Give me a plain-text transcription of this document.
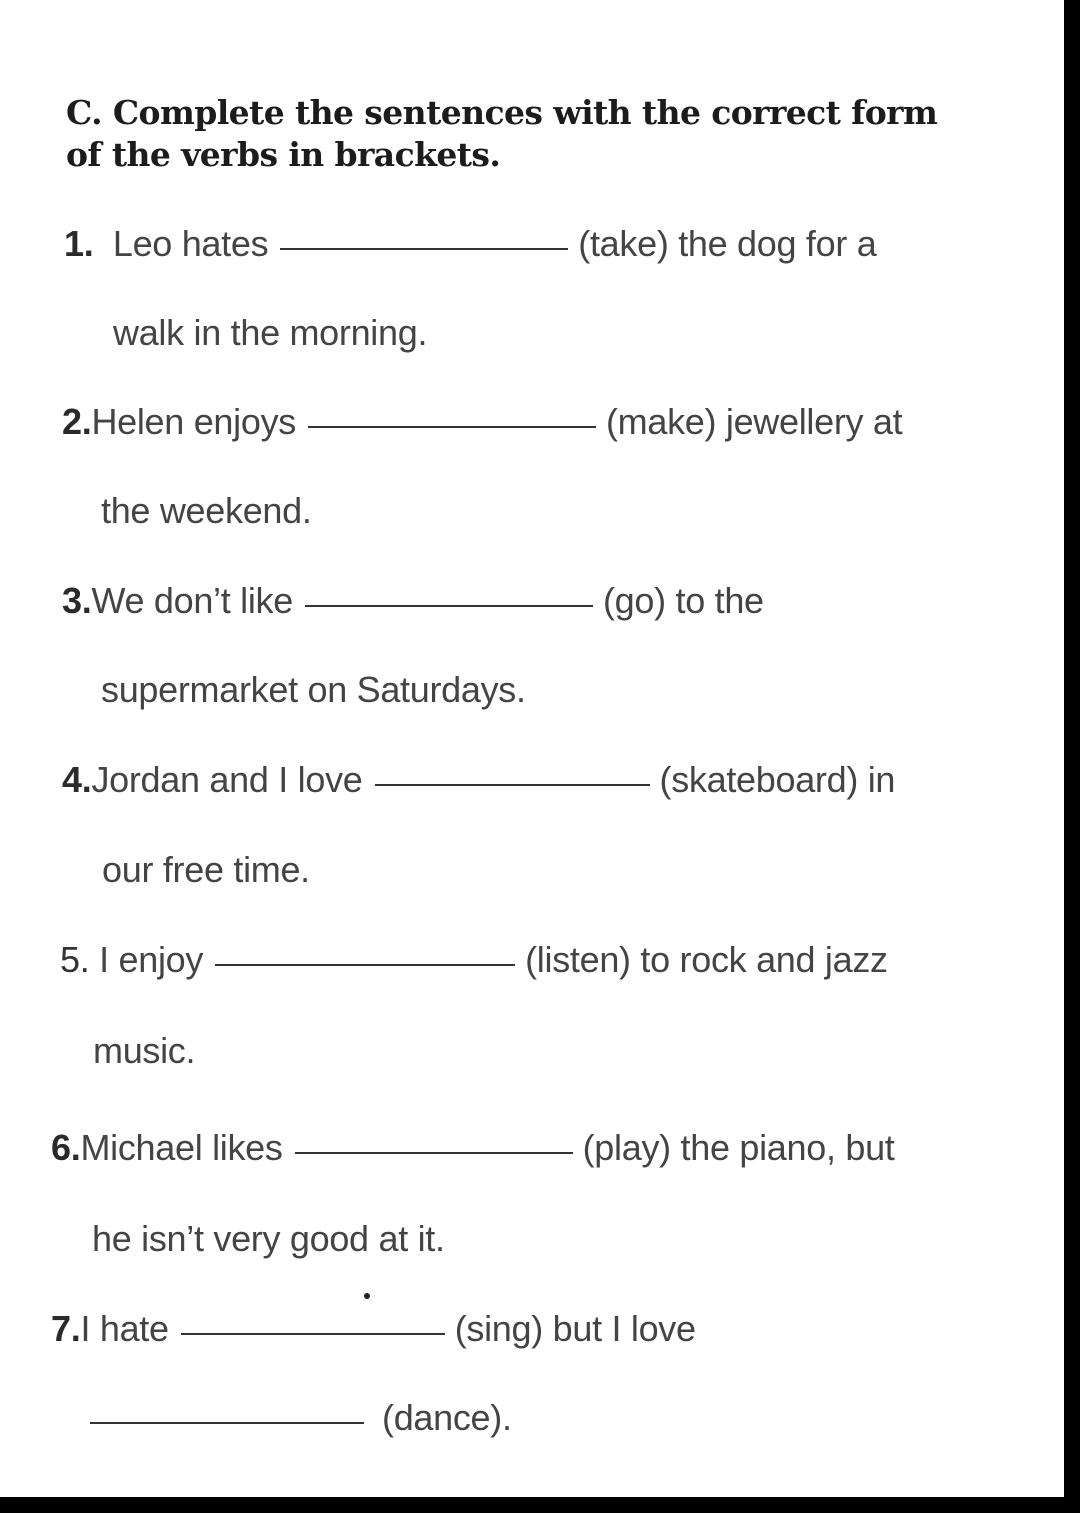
C. Complete the sentences with the correct form of the verbs in brackets.
1. Leo hates	(take) the dog for a
walk in the morning.
2.Helen enjoys	(make) jewellery at
the weekend.
3.We don’t like	(go) to the
supermarket on Saturdays.
4.Jordan and I love	(skateboard) in
our free time.
5. I enjoy	(listen) to rock and jazz
music.
6.Michael likes	(play) the piano, but
he isn’t very good at it.
7.I hate	(sing) but I love
(dance).
